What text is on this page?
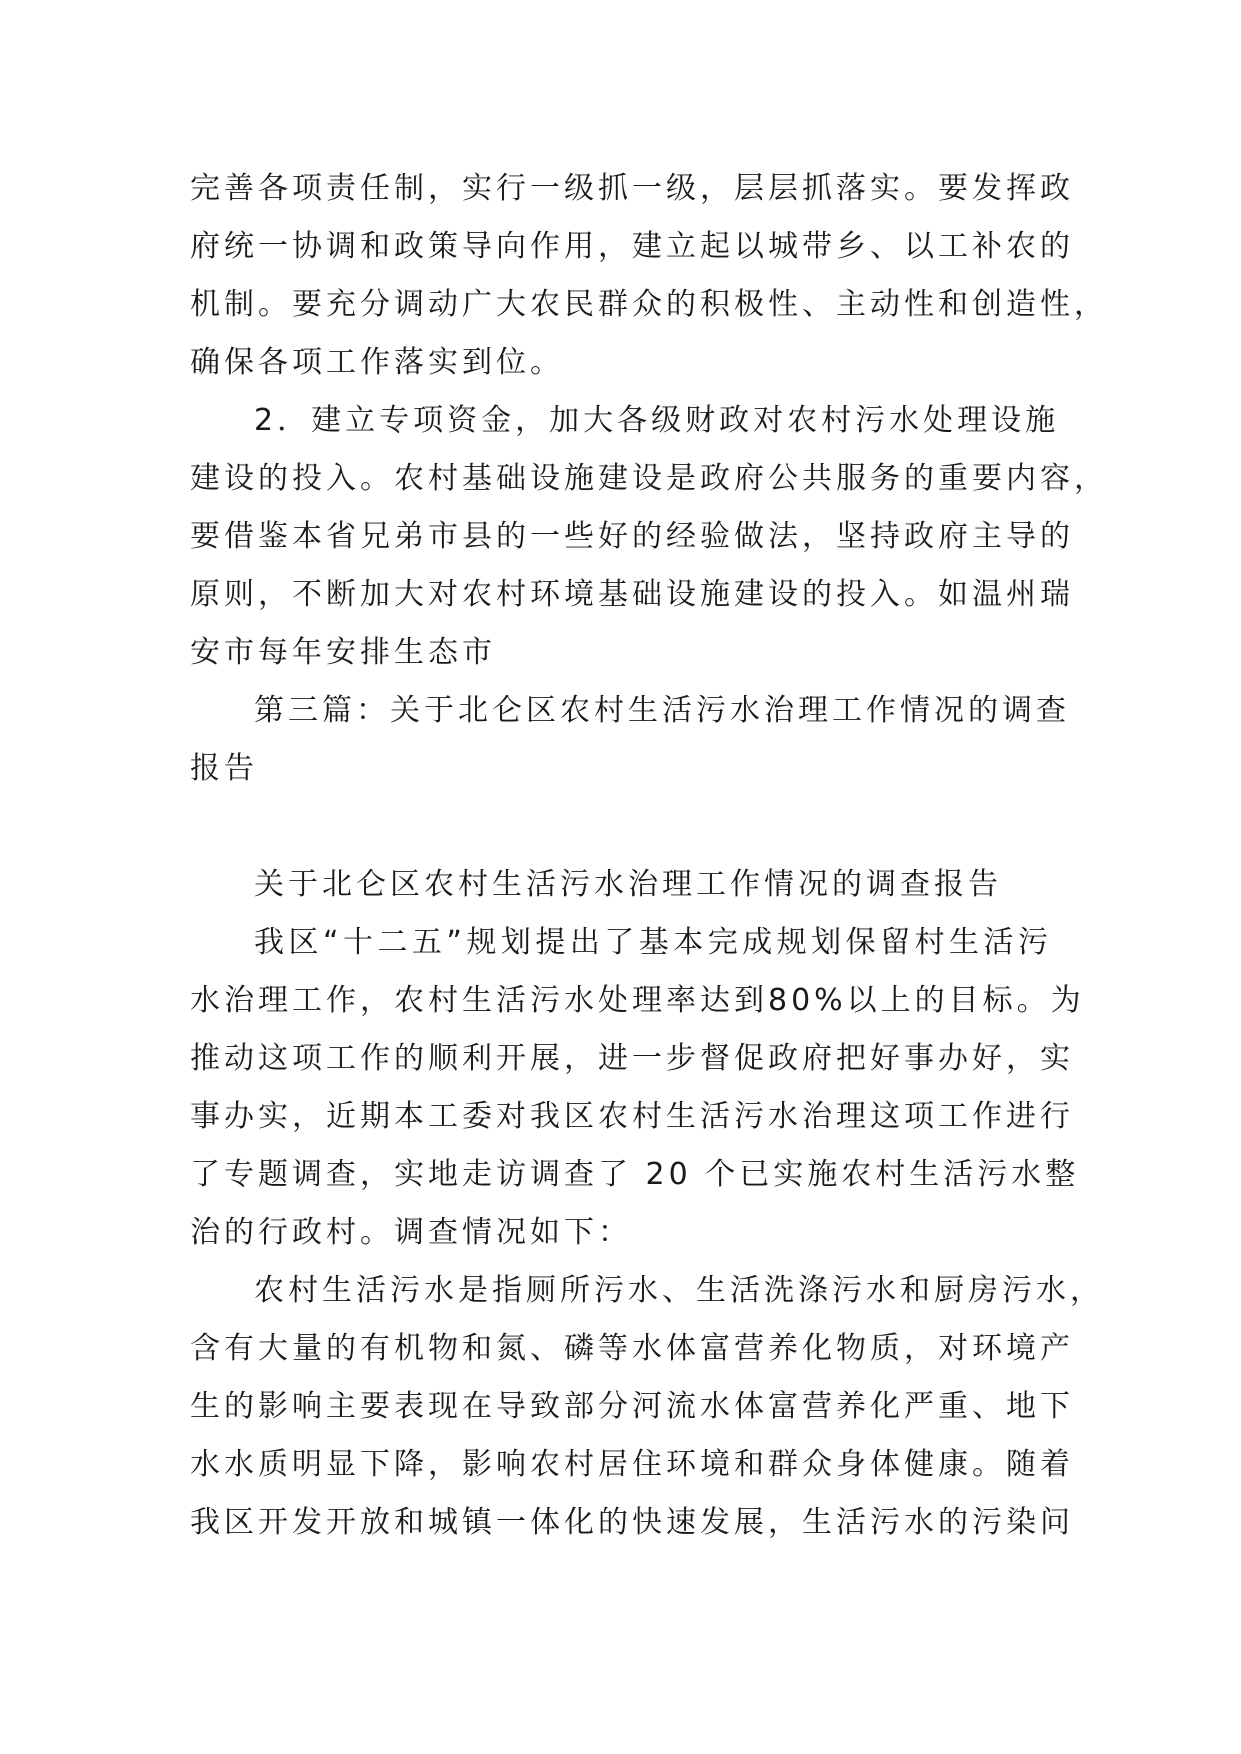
完善各项责任制，实行一级抓一级，层层抓落实。要发挥政
府统一协调和政策导向作用，建立起以城带乡、以工补农的
机制。要充分调动广大农民群众的积极性、主动性和创造性，
确保各项工作落实到位。
2．建立专项资金，加大各级财政对农村污水处理设施
建设的投入。农村基础设施建设是政府公共服务的重要内容，
要借鉴本省兄弟市县的一些好的经验做法，坚持政府主导的
原则，不断加大对农村环境基础设施建设的投入。如温州瑞
安市每年安排生态市
第三篇：关于北仑区农村生活污水治理工作情况的调查
报告
关于北仑区农村生活污水治理工作情况的调查报告
我区“十二五”规划提出了基本完成规划保留村生活污
水治理工作，农村生活污水处理率达到80%以上的目标。为
推动这项工作的顺利开展，进一步督促政府把好事办好，实
事办实，近期本工委对我区农村生活污水治理这项工作进行
了专题调查，实地走访调查了 20 个已实施农村生活污水整
治的行政村。调查情况如下：
农村生活污水是指厕所污水、生活洗涤污水和厨房污水，
含有大量的有机物和氮、磷等水体富营养化物质，对环境产
生的影响主要表现在导致部分河流水体富营养化严重、地下
水水质明显下降，影响农村居住环境和群众身体健康。随着
我区开发开放和城镇一体化的快速发展，生活污水的污染问
